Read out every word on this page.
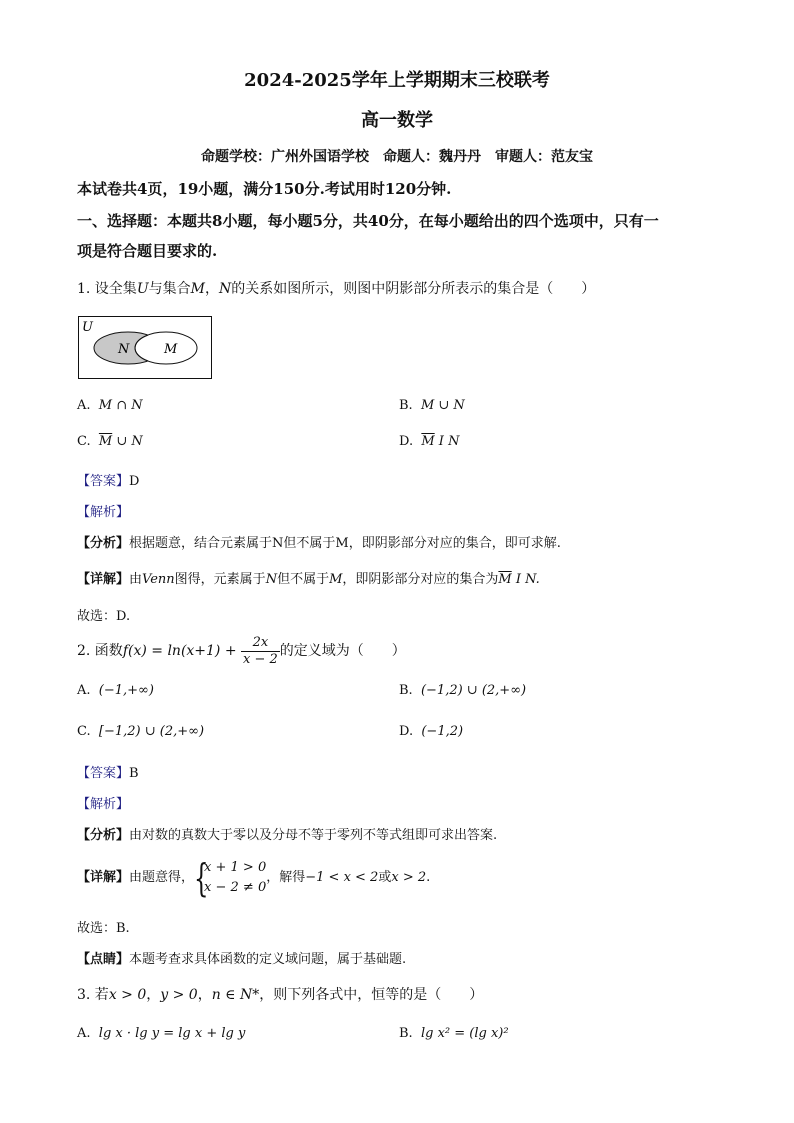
2024-2025学年上学期期末三校联考
高一数学
命题学校：广州外国语学校　命题人：魏丹丹　审题人：范友宝
本试卷共4页，19小题，满分150分.考试用时120分钟.
一、选择题：本题共8小题，每小题5分，共40分，在每小题给出的四个选项中，只有一
项是符合题目要求的.
1. 设全集U与集合M，N的关系如图所示，则图中阴影部分所表示的集合是（　　）
U
N	M
A. M ∩ N	B. M ∪ N
C. $\overline{M}$ ∪ N	D. $\overline{M}$ I N
【答案】D
【解析】
【分析】根据题意，结合元素属于N但不属于M，即阴影部分对应的集合，即可求解.
【详解】由Venn图得，元素属于N但不属于M，即阴影部分对应的集合为$\overline{M}$ I N.
故选：D.
2. 函数$f(x) = \ln(x+1) + \frac{2x}{x - 2}$ 的定义域为（　　）
A. (−1,+∞)	B. (−1,2) ∪ (2,+∞)
C. [−1,2) ∪ (2,+∞)	D. (−1,2)
【答案】B
【解析】
【分析】由对数的真数大于零以及分母不等于零列不等式组即可求出答案.
【详解】由题意得， {
x + 1 > 0
x − 2 ≠ 0
，解得−1 < x < 2或x > 2.
故选：B.
【点睛】本题考查求具体函数的定义域问题，属于基础题.
3. 若x > 0，y > 0，n ∈ N*，则下列各式中，恒等的是（　　）
A. lg x · lg y = lg x + lg y	B. lg x² = (lg x)²
